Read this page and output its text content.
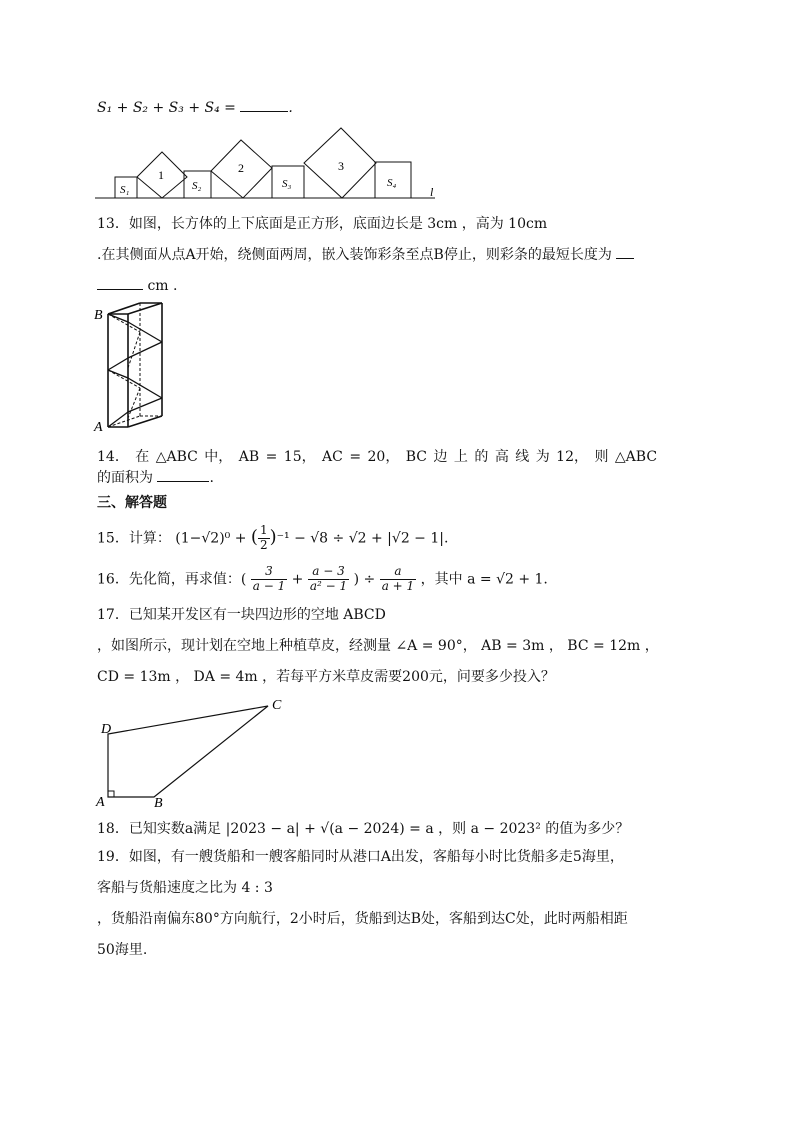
S₁ + S₂ + S₃ + S₄ =	.
S₁
1
S₂
2
S₃
3
S₄
l
13．如图，长方体的上下底面是正方形，底面边长是 3cm ，高为 10cm
.在其侧面从点A开始，绕侧面两周，嵌入装饰彩条至点B停止，则彩条的最短长度为
cm .
B
A
14． 在 △ABC 中， AB = 15， AC = 20， BC 边 上 的 高 线 为 12， 则 △ABC
的面积为	.
三、解答题
15．计算： (1−√2)⁰ + ( $\frac{1}{2} )^{-1} - √8 \div √2 + |√2 - 1|$.
16．先化简，再求值：( $\frac{3}{a - 1} + \frac{a - 3}{\text{a² − 1}}$ ) ÷ $\frac{a}{a + 1}$ ，其中 a = √2 + 1.
17．已知某开发区有一块四边形的空地 ABCD
，如图所示，现计划在空地上种植草皮，经测量 ∠A = 90°， AB = 3m ， BC = 12m ，
CD = 13m ， DA = 4m ，若每平方米草皮需要200元，问要多少投入？
D
C
A	B
18．已知实数a满足 |2023 − a| + √(a − 2024) = a ，则 a − 2023² 的值为多少？
19．如图，有一艘货船和一艘客船同时从港口A出发，客船每小时比货船多走5海里，
客船与货船速度之比为 4 : 3
，货船沿南偏东80°方向航行，2小时后，货船到达B处，客船到达C处，此时两船相距
50海里.
